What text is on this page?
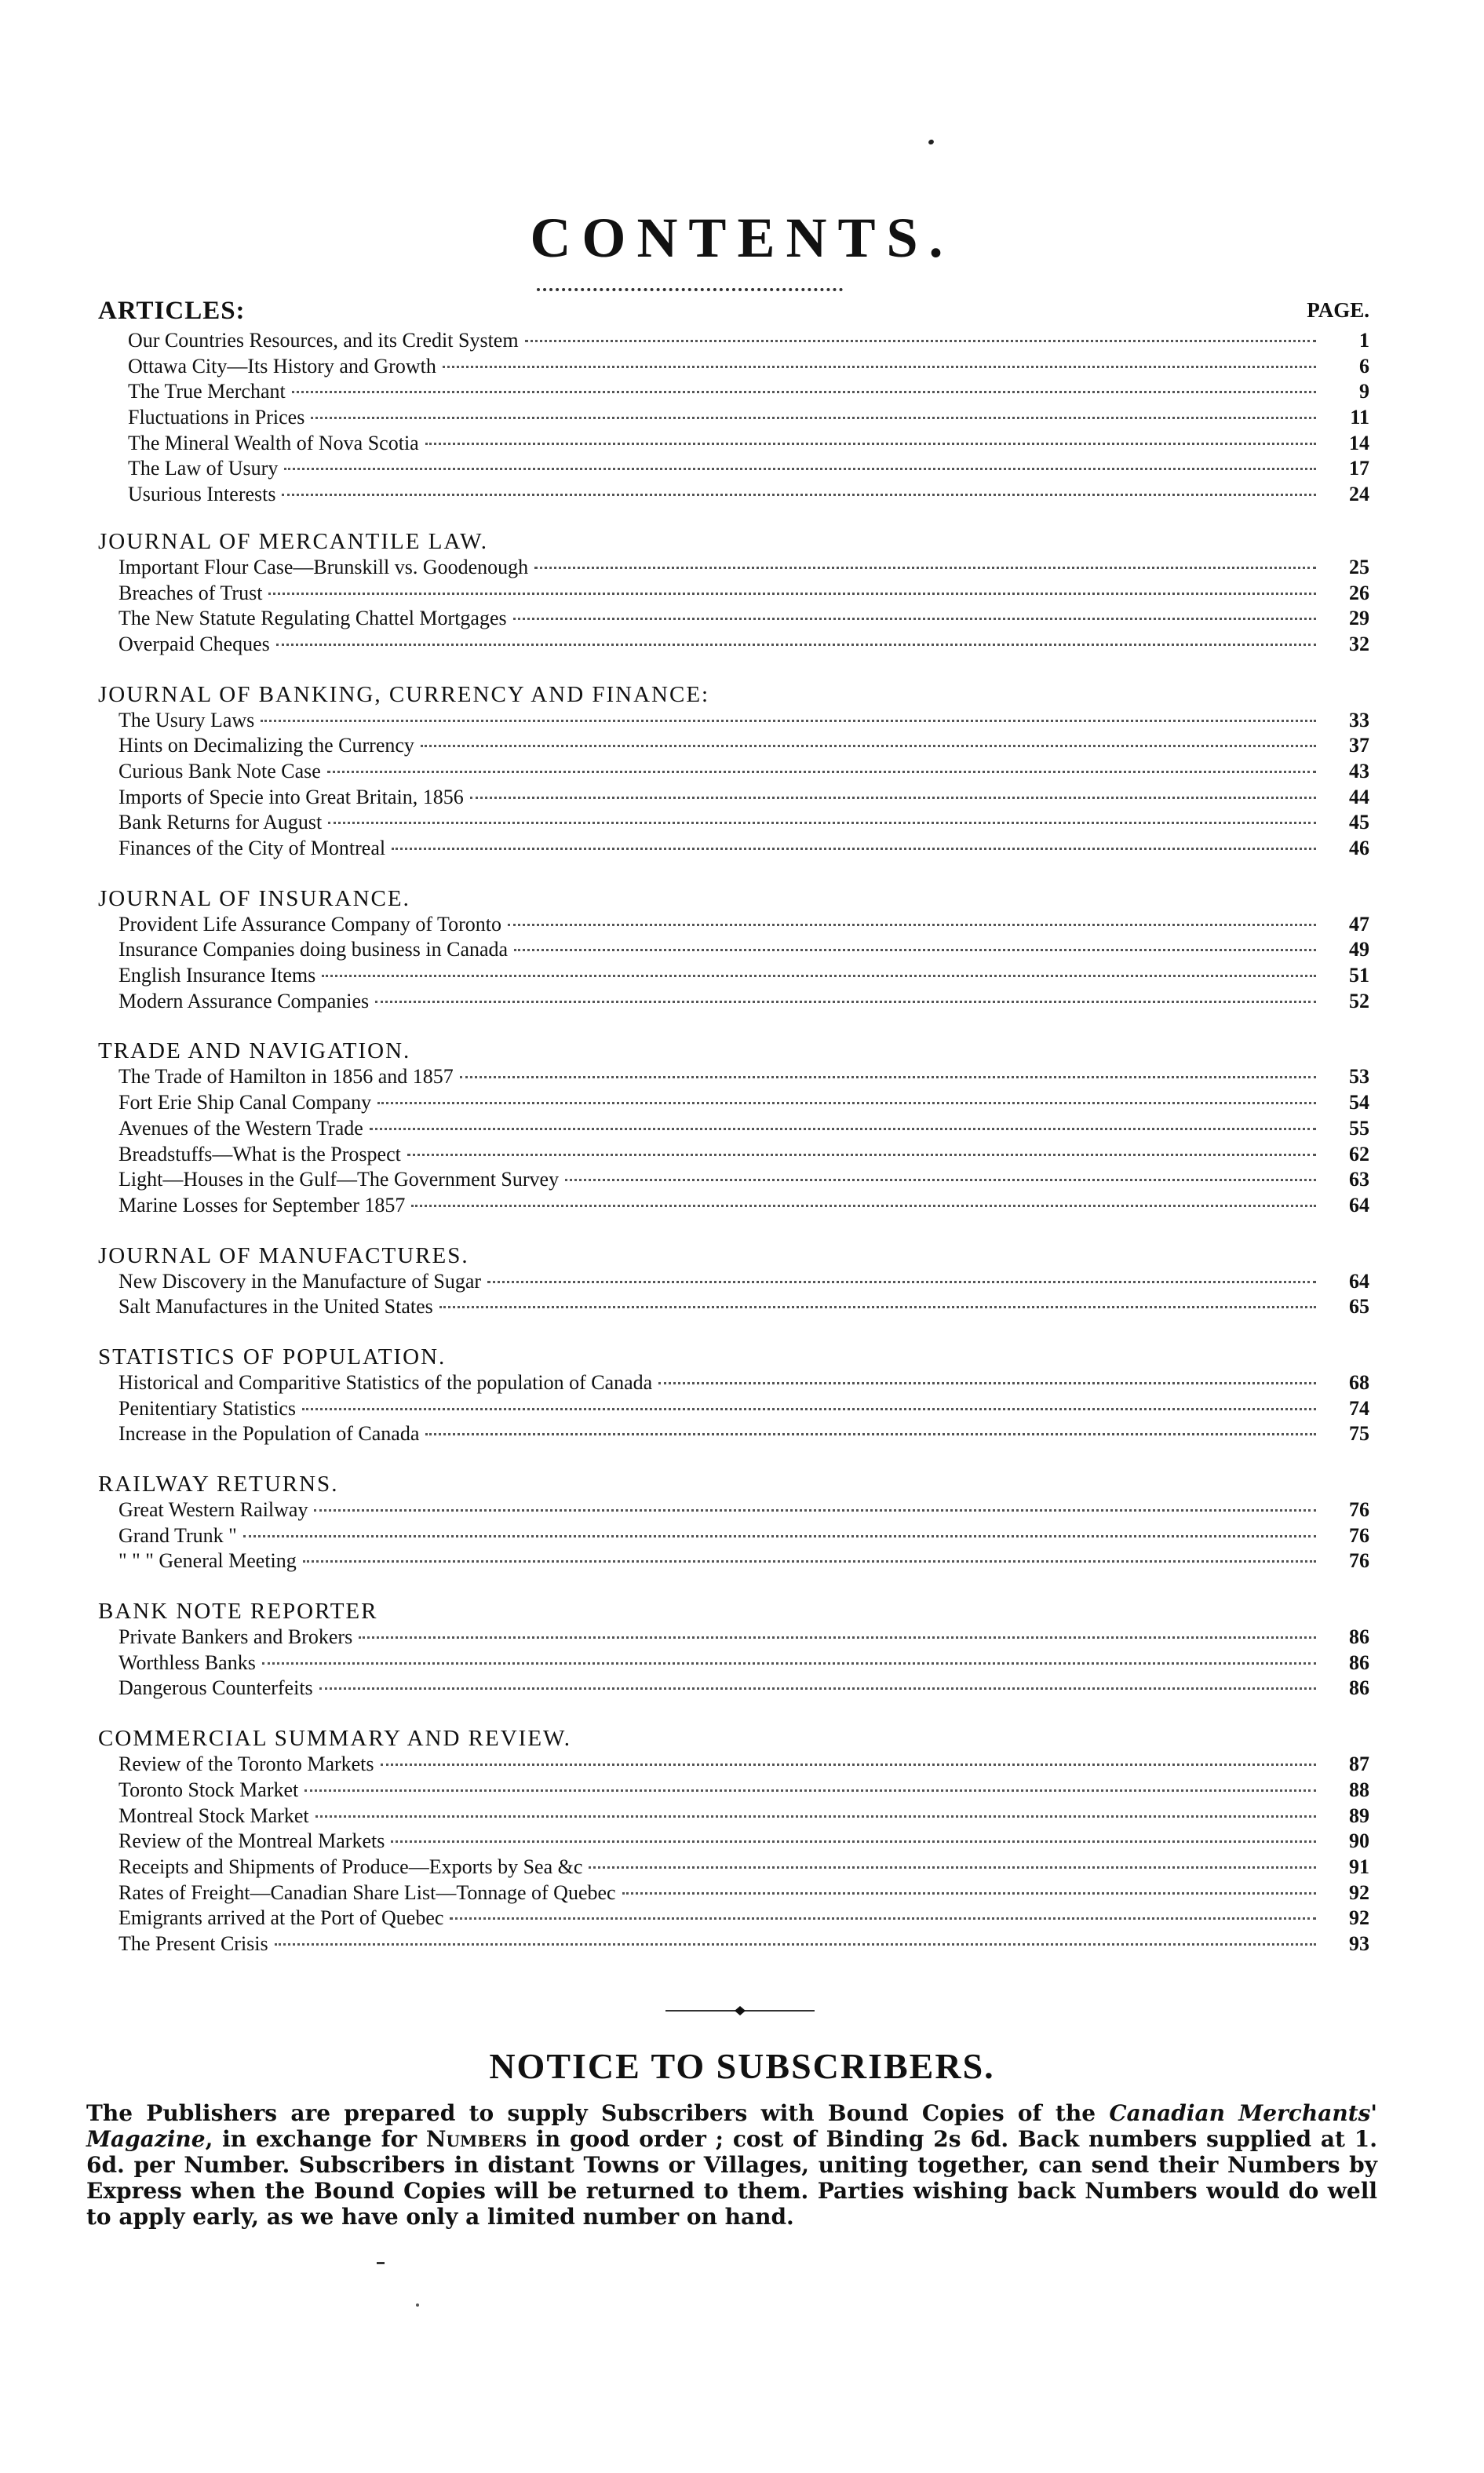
CONTENTS.
ARTICLES:	PAGE.
Our Countries Resources, and its Credit System	1
Ottawa City—Its History and Growth	6
The True Merchant	9
Fluctuations in Prices	11
The Mineral Wealth of Nova Scotia	14
The Law of Usury	17
Usurious Interests	24
JOURNAL OF MERCANTILE LAW.
Important Flour Case—Brunskill vs. Goodenough	25
Breaches of Trust	26
The New Statute Regulating Chattel Mortgages	29
Overpaid Cheques	32
JOURNAL OF BANKING, CURRENCY AND FINANCE:
The Usury Laws	33
Hints on Decimalizing the Currency	37
Curious Bank Note Case	43
Imports of Specie into Great Britain, 1856	44
Bank Returns for August	45
Finances of the City of Montreal	46
JOURNAL OF INSURANCE.
Provident Life Assurance Company of Toronto	47
Insurance Companies doing business in Canada	49
English Insurance Items	51
Modern Assurance Companies	52
TRADE AND NAVIGATION.
The Trade of Hamilton in 1856 and 1857	53
Fort Erie Ship Canal Company	54
Avenues of the Western Trade	55
Breadstuffs—What is the Prospect	62
Light—Houses in the Gulf—The Government Survey	63
Marine Losses for September 1857	64
JOURNAL OF MANUFACTURES.
New Discovery in the Manufacture of Sugar	64
Salt Manufactures in the United States	65
STATISTICS OF POPULATION.
Historical and Comparitive Statistics of the population of Canada	68
Penitentiary Statistics	74
Increase in the Population of Canada	75
RAILWAY RETURNS.
Great Western Railway	76
Grand Trunk "	76
" " " General Meeting	76
BANK NOTE REPORTER
Private Bankers and Brokers	86
Worthless Banks	86
Dangerous Counterfeits	86
COMMERCIAL SUMMARY AND REVIEW.
Review of the Toronto Markets	87
Toronto Stock Market	88
Montreal Stock Market	89
Review of the Montreal Markets	90
Receipts and Shipments of Produce—Exports by Sea &c	91
Rates of Freight—Canadian Share List—Tonnage of Quebec	92
Emigrants arrived at the Port of Quebec	92
The Present Crisis	93
NOTICE TO SUBSCRIBERS.
The Publishers are prepared to supply Subscribers with Bound Copies of the Canadian Merchants' Magazine, in exchange for Numbers in good order ; cost of Binding 2s 6d. Back numbers supplied at 1. 6d. per Number. Subscribers in distant Towns or Villages, uniting together, can send their Numbers by Express when the Bound Copies will be returned to them. Parties wishing back Numbers would do well to apply early, as we have only a limited number on hand.
